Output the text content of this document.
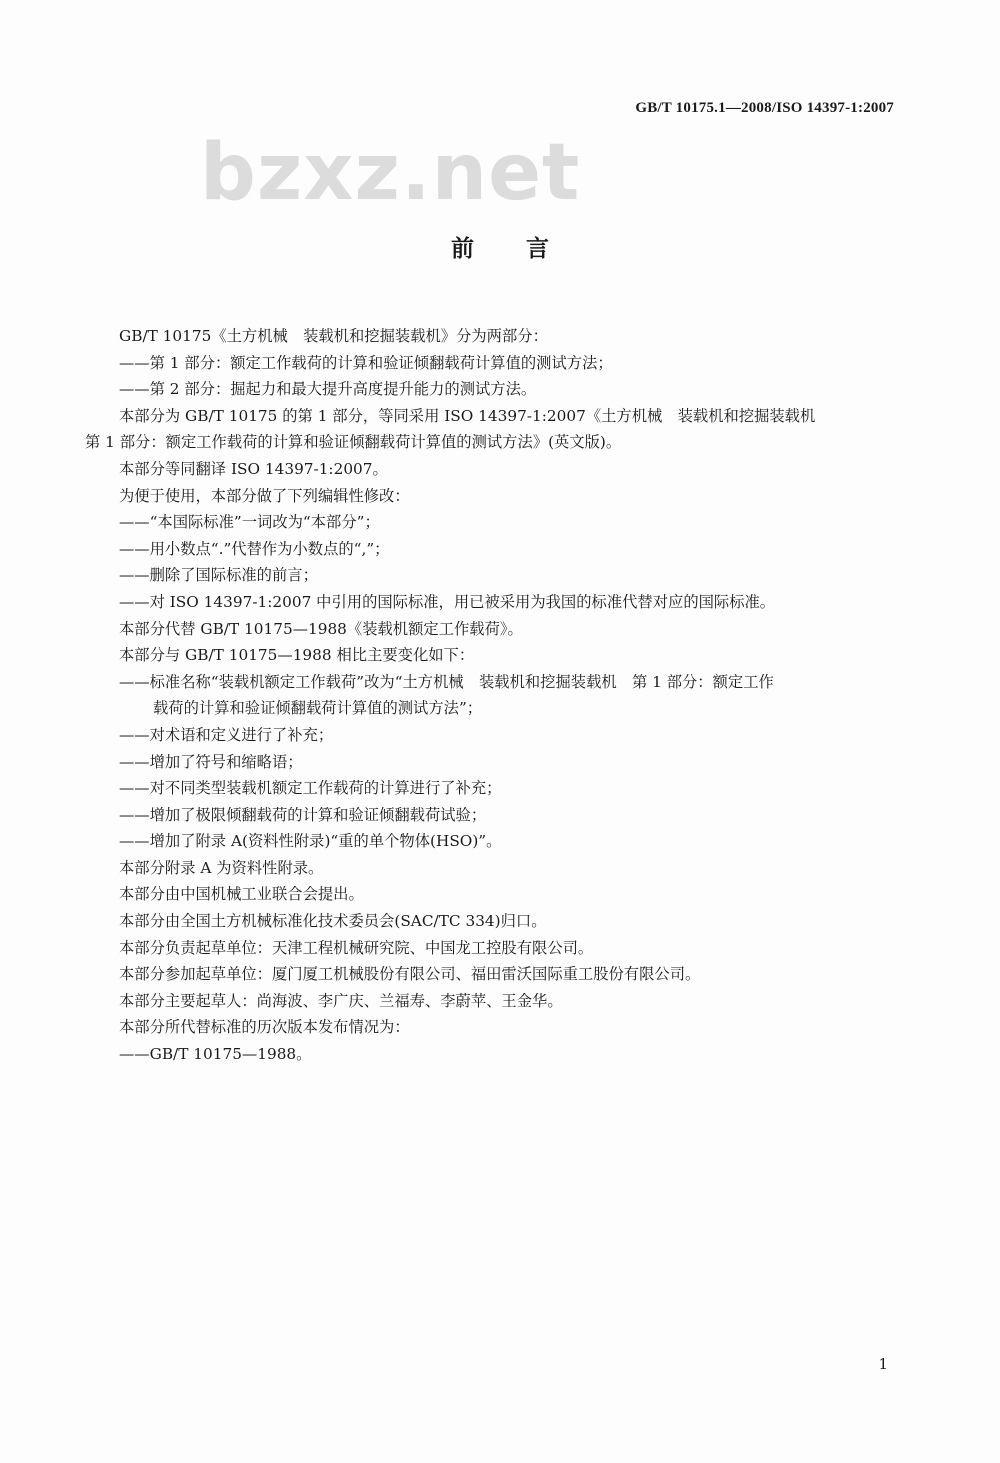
GB/T 10175.1—2008/ISO 14397-1:2007
bzxz.net
前言
GB/T 10175《土方机械　装载机和挖掘装载机》分为两部分：
——第 1 部分：额定工作载荷的计算和验证倾翻载荷计算值的测试方法；
——第 2 部分：掘起力和最大提升高度提升能力的测试方法。
本部分为 GB/T 10175 的第 1 部分，等同采用 ISO 14397-1:2007《土方机械　装载机和挖掘装载机
第 1 部分：额定工作载荷的计算和验证倾翻载荷计算值的测试方法》(英文版)。
本部分等同翻译 ISO 14397-1:2007。
为便于使用，本部分做了下列编辑性修改：
——“本国际标准”一词改为“本部分”；
——用小数点“.”代替作为小数点的“,”；
——删除了国际标准的前言；
——对 ISO 14397-1:2007 中引用的国际标准，用已被采用为我国的标准代替对应的国际标准。
本部分代替 GB/T 10175—1988《装载机额定工作载荷》。
本部分与 GB/T 10175—1988 相比主要变化如下：
——标准名称“装载机额定工作载荷”改为“土方机械　装载机和挖掘装载机　第 1 部分：额定工作
载荷的计算和验证倾翻载荷计算值的测试方法”；
——对术语和定义进行了补充；
——增加了符号和缩略语；
——对不同类型装载机额定工作载荷的计算进行了补充；
——增加了极限倾翻载荷的计算和验证倾翻载荷试验；
——增加了附录 A(资料性附录)“重的单个物体(HSO)”。
本部分附录 A 为资料性附录。
本部分由中国机械工业联合会提出。
本部分由全国土方机械标准化技术委员会(SAC/TC 334)归口。
本部分负责起草单位：天津工程机械研究院、中国龙工控股有限公司。
本部分参加起草单位：厦门厦工机械股份有限公司、福田雷沃国际重工股份有限公司。
本部分主要起草人：尚海波、李广庆、兰福寿、李蔚苹、王金华。
本部分所代替标准的历次版本发布情况为：
——GB/T 10175—1988。
1
